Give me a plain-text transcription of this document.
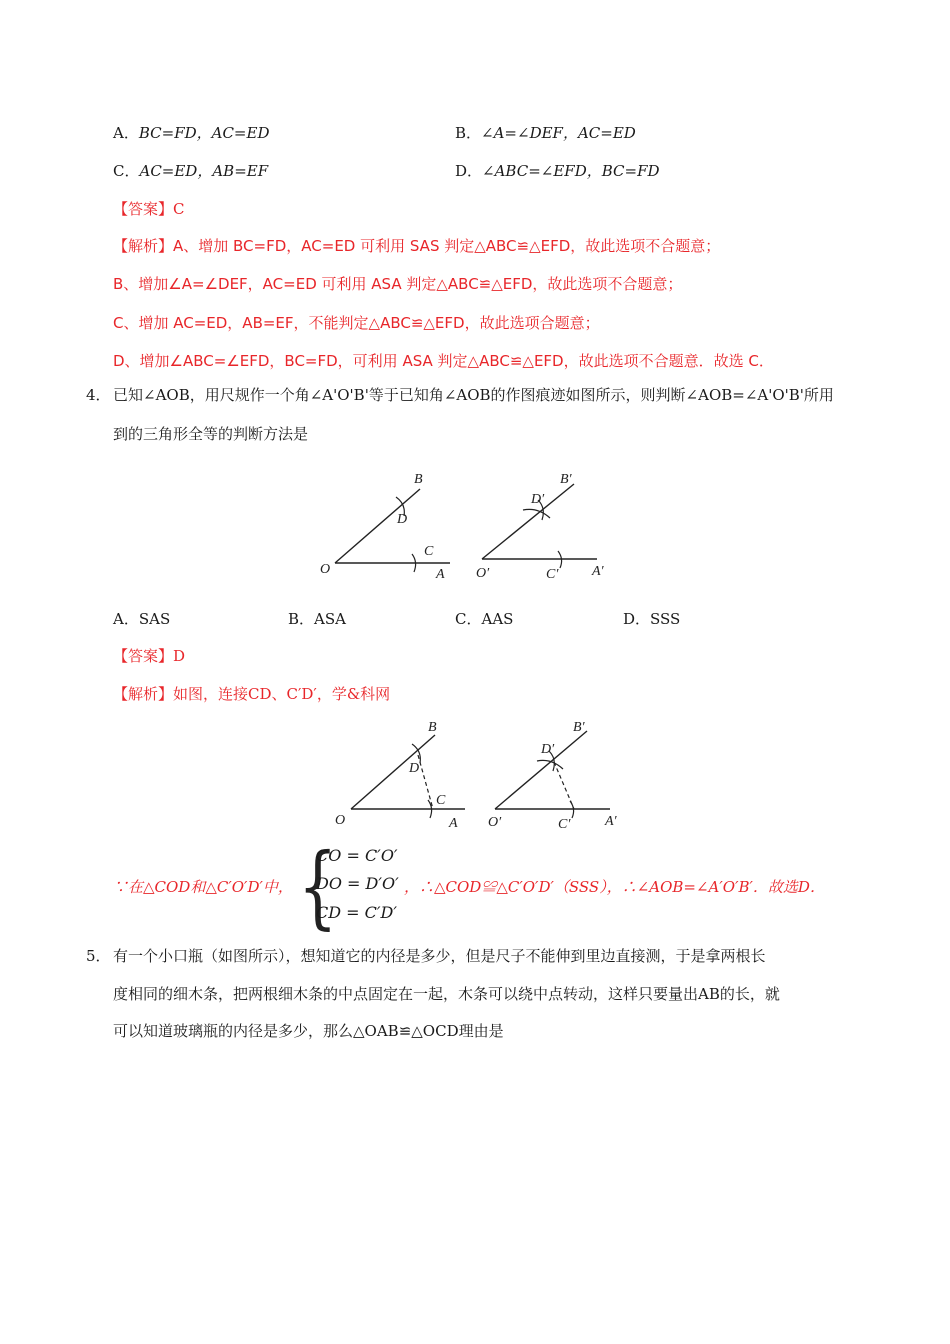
A．BC=FD，AC=ED	B．∠A=∠DEF，AC=ED
C．AC=ED，AB=EF	D．∠ABC=∠EFD，BC=FD
【答案】C
【解析】A、增加 BC=FD，AC=ED 可利用 SAS 判定△ABC≌△EFD，故此选项不合题意；
B、增加∠A=∠DEF，AC=ED 可利用 ASA 判定△ABC≌△EFD，故此选项不合题意；
C、增加 AC=ED，AB=EF，不能判定△ABC≌△EFD，故此选项合题意；
D、增加∠ABC=∠EFD，BC=FD，可利用 ASA 判定△ABC≌△EFD，故此选项不合题意．故选 C．
4． 已知∠AOB，用尺规作一个角∠A'O'B'等于已知角∠AOB的作图痕迹如图所示，则判断∠AOB=∠A'O'B'所用
到的三角形全等的判断方法是
B
D
C
O	A
B′
D′
C′
O′	A′
A．SAS	B．ASA	C．AAS	D．SSS
【答案】D
【解析】如图，连接CD、C′D′，学&科网
B
D
C
O	A
B′
D′
C′
O′	A′
∵在△COD和△C′O′D′中， {
CO = C′O′
DO = D′O′
CD = C′D′
，∴△COD≌△C′O′D′（SSS），∴∠AOB=∠A′O′B′．故选D．
5． 有一个小口瓶（如图所示），想知道它的内径是多少，但是尺子不能伸到里边直接测，于是拿两根长
度相同的细木条，把两根细木条的中点固定在一起，木条可以绕中点转动，这样只要量出AB的长，就
可以知道玻璃瓶的内径是多少，那么△OAB≌△OCD理由是
